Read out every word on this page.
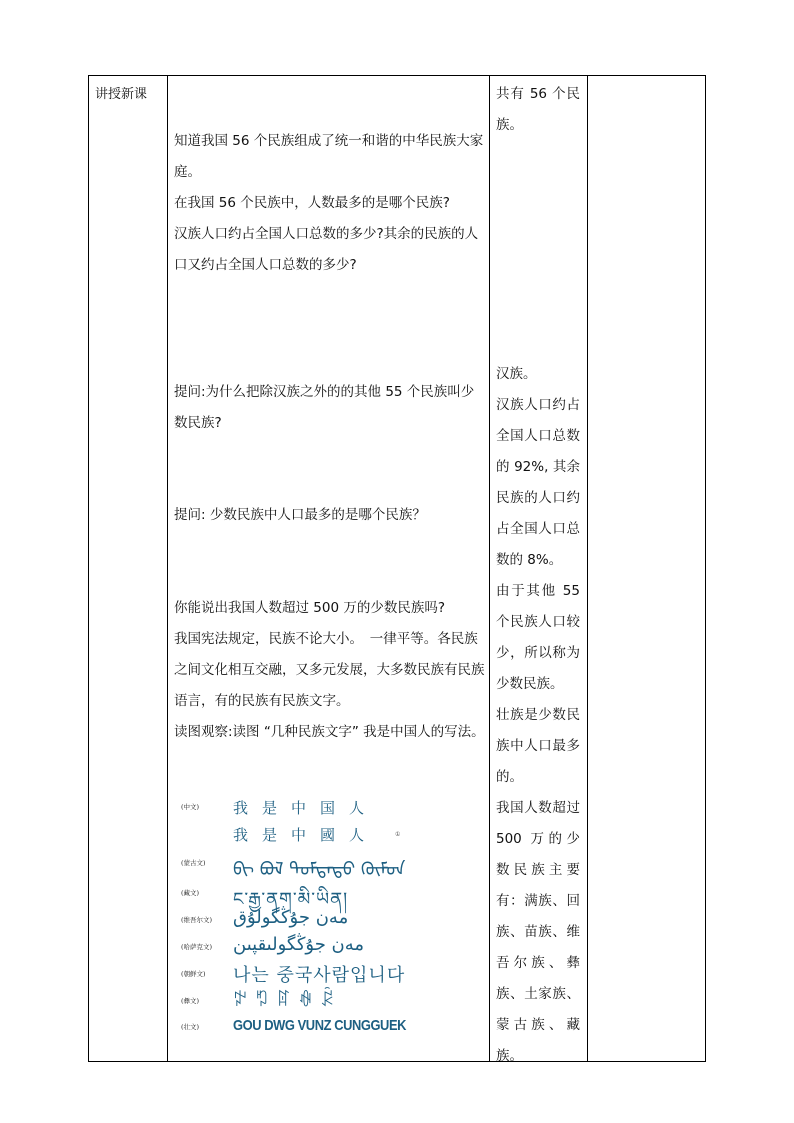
讲授新课

知道我国 56 个民族组成了统一和谐的中华民族大家庭。

在我国 56 个民族中，人数最多的是哪个民族?

汉族人口约占全国人口总数的多少?其余的民族的人口又约占全国人口总数的多少?

提问:为什么把除汉族之外的的其他 55 个民族叫少数民族?

提问: 少数民族中人口最多的是哪个民族？

你能说出我国人数超过 500 万的少数民族吗?

我国宪法规定，民族不论大小。　一律平等。各民族之间文化相互交融，又多元发展，大多数民族有民族语言，有的民族有民族文字。

读图观察:读图 “几种民族文字” 我是中国人的写法。

(中文) 我是中国人
我是中國人	①
(蒙古文) ᠪᠢ ᠪᠣᠯ ᠳᠤᠮᠳᠠᠳᠤ ᠬᠦᠮᠦᠨ
(藏文) ང་རྒྱ་ནག་མི་ཡིན།
(维吾尔文) مەن جۇڭگولۇق
(哈萨克文) مەن جۇڭگولىقپىن
(朝鲜文) 나는 중국사람입니다
(彝文) ꉢ ꑳ ꍏ ꊿ ꂯ
(壮文) GOU DWG VUNZ CUNGGUEK

共有 56 个民族。

汉族。

汉族人口约占全国人口总数的 92%, 其余民族的人口约占全国人口总数的 8%。

由于其他 55 个民族人口较少，所以称为少数民族。

壮族是少数民族中人口最多的。

我国人数超过 500 万的少数民族主要有：满族、回族、苗族、维吾尔族、彝族、土家族、蒙古族、藏族。
